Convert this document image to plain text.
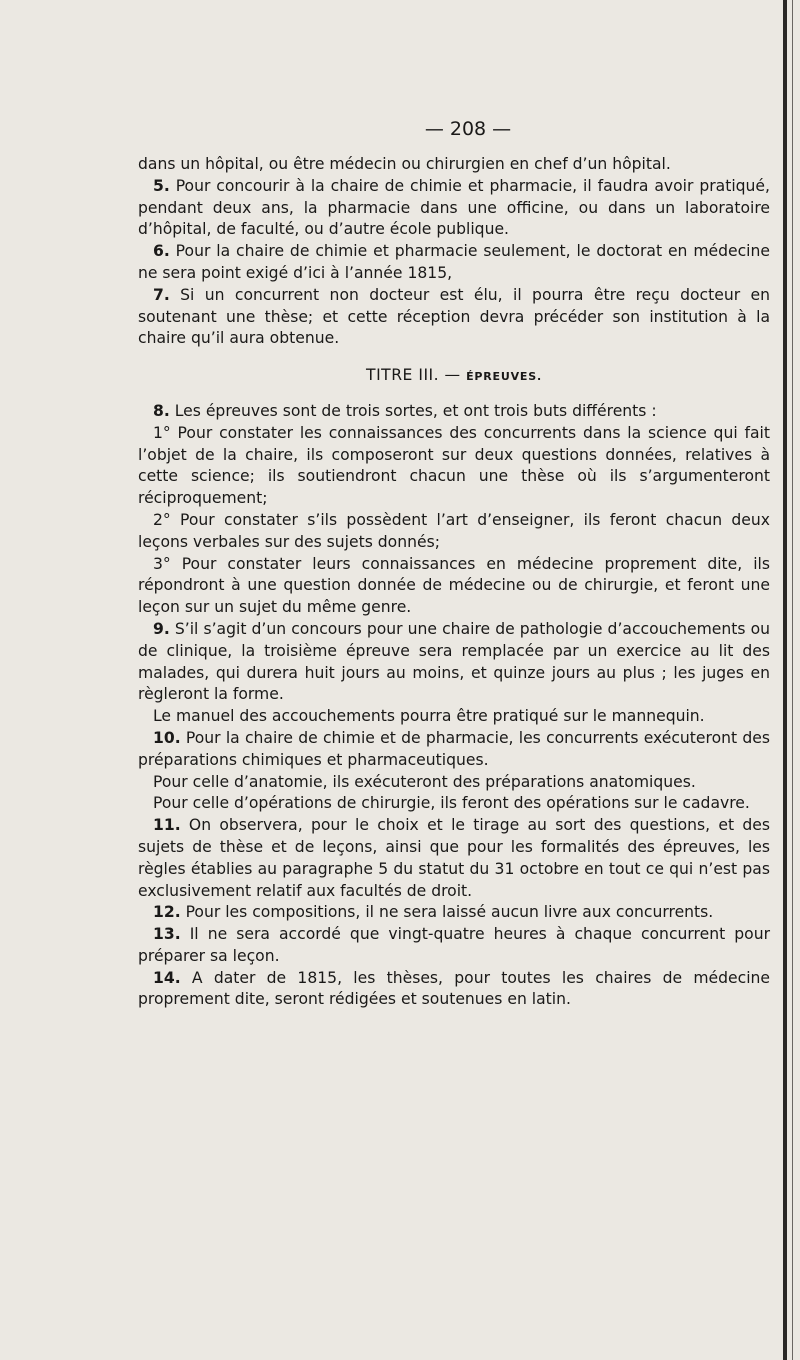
— 208 —

dans un hôpital, ou être médecin ou chirurgien en chef d’un hôpital.

5. Pour concourir à la chaire de chimie et pharmacie, il faudra avoir pratiqué, pendant deux ans, la pharmacie dans une officine, ou dans un laboratoire d’hôpital, de faculté, ou d’autre école publique.

6. Pour la chaire de chimie et pharmacie seulement, le doctorat en médecine ne sera point exigé d’ici à l’année 1815,

7. Si un concurrent non docteur est élu, il pourra être reçu docteur en soutenant une thèse; et cette réception devra précéder son institution à la chaire qu’il aura obtenue.

TITRE III. — ÉPREUVES.

8. Les épreuves sont de trois sortes, et ont trois buts différents :

1° Pour constater les connaissances des concurrents dans la science qui fait l’objet de la chaire, ils composeront sur deux questions données, relatives à cette science; ils soutiendront chacun une thèse où ils s’argumenteront réciproquement;

2° Pour constater s’ils possèdent l’art d’enseigner, ils feront chacun deux leçons verbales sur des sujets donnés;

3° Pour constater leurs connaissances en médecine proprement dite, ils répondront à une question donnée de médecine ou de chirurgie, et feront une leçon sur un sujet du même genre.

9. S’il s’agit d’un concours pour une chaire de pathologie d’accouchements ou de clinique, la troisième épreuve sera remplacée par un exercice au lit des malades, qui durera huit jours au moins, et quinze jours au plus ; les juges en règleront la forme.

Le manuel des accouchements pourra être pratiqué sur le mannequin.

10. Pour la chaire de chimie et de pharmacie, les concurrents exécuteront des préparations chimiques et pharmaceutiques.

Pour celle d’anatomie, ils exécuteront des préparations anatomiques.

Pour celle d’opérations de chirurgie, ils feront des opérations sur le cadavre.

11. On observera, pour le choix et le tirage au sort des questions, et des sujets de thèse et de leçons, ainsi que pour les formalités des épreuves, les règles établies au paragraphe 5 du statut du 31 octobre en tout ce qui n’est pas exclusivement relatif aux facultés de droit.

12. Pour les compositions, il ne sera laissé aucun livre aux concurrents.

13. Il ne sera accordé que vingt-quatre heures à chaque concurrent pour préparer sa leçon.

14. A dater de 1815, les thèses, pour toutes les chaires de médecine proprement dite, seront rédigées et soutenues en latin.
